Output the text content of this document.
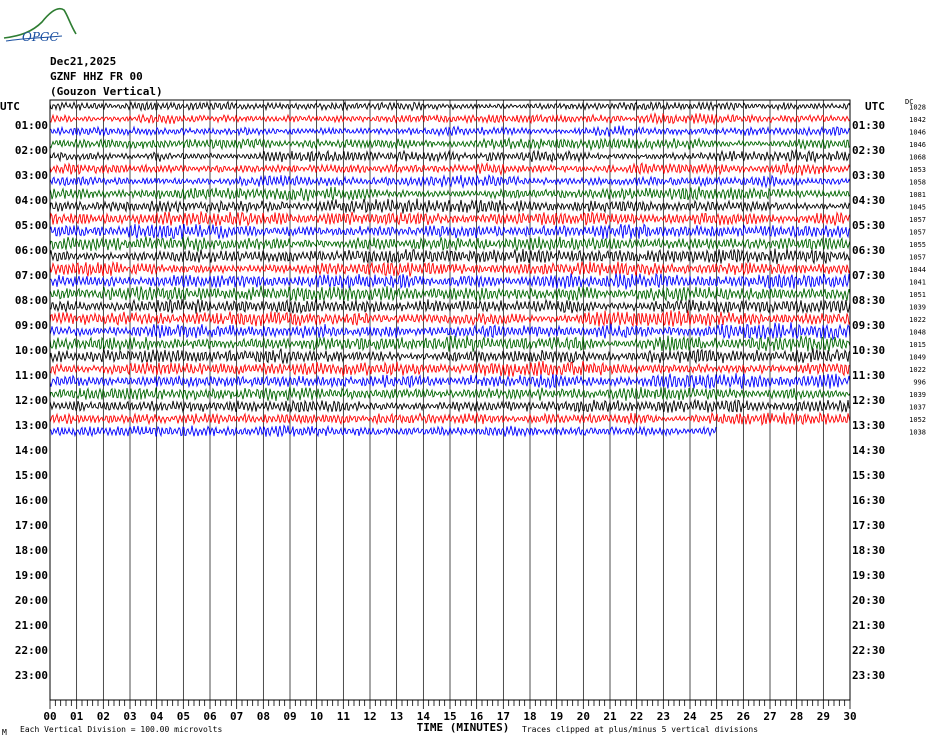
OPGC
Dec21,2025
GZNF HHZ FR 00
(Gouzon Vertical)
01:00
02:00
03:00
04:00
05:00
06:00
07:00
08:00
09:00
10:00
11:00
12:00
13:00
14:00
15:00
16:00
17:00
18:00
19:00
20:00
21:00
22:00
23:00
01:30
02:30
03:30
04:30
05:30
06:30
07:30
08:30
09:30
10:30
11:30
12:30
13:30
14:30
15:30
16:30
17:30
18:30
19:30
20:30
21:30
22:30
23:30
1028
1042
1046
1046
1068
1053
1058
1081
1045
1057
1057
1055
1057
1044
1041
1051
1039
1022
1048
1015
1049
1022
996
1039
1037
1052
1038
UTC	UTC	DC
00 01 02 03 04 05 06 07 08 09 10 11 12 13 14 15 16 17 18 19 20 21 22 23 24 25 26 27 28 29 30
TIME (MINUTES)
Each Vertical Division = 100.00 microvolts	Traces clipped at plus/minus 5 vertical divisions
M
